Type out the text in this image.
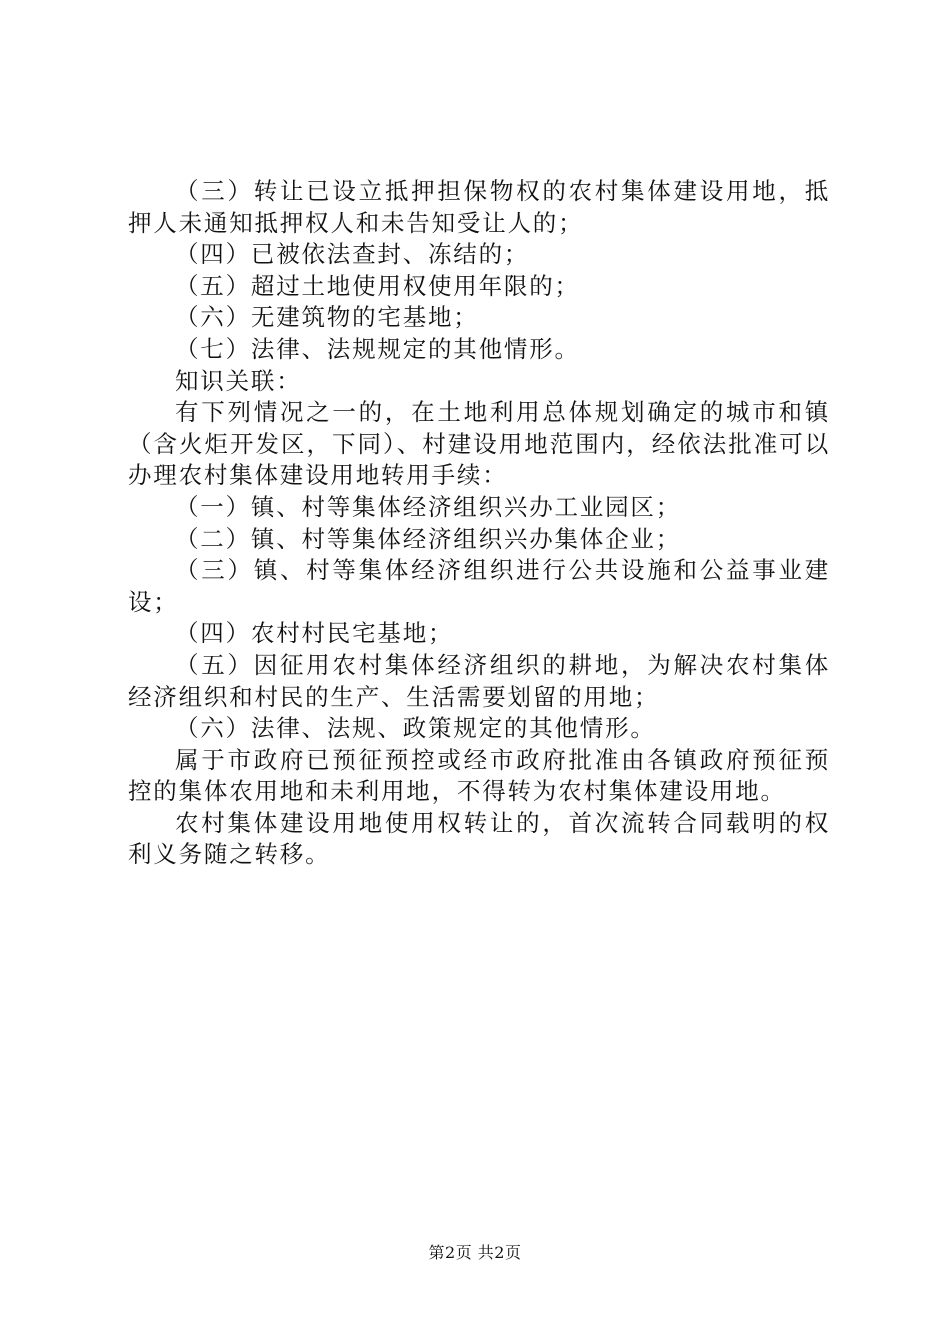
（三）转让已设立抵押担保物权的农村集体建设用地，抵押人未通知抵押权人和未告知受让人的；

（四）已被依法查封、冻结的；

（五）超过土地使用权使用年限的；

（六）无建筑物的宅基地；

（七）法律、法规规定的其他情形。

知识关联：

有下列情况之一的，在土地利用总体规划确定的城市和镇（含火炬开发区，下同）、村建设用地范围内，经依法批准可以办理农村集体建设用地转用手续：

（一）镇、村等集体经济组织兴办工业园区；

（二）镇、村等集体经济组织兴办集体企业；

（三）镇、村等集体经济组织进行公共设施和公益事业建设；

（四）农村村民宅基地；

（五）因征用农村集体经济组织的耕地，为解决农村集体经济组织和村民的生产、生活需要划留的用地；

（六）法律、法规、政策规定的其他情形。

属于市政府已预征预控或经市政府批准由各镇政府预征预控的集体农用地和未利用地，不得转为农村集体建设用地。

农村集体建设用地使用权转让的，首次流转合同载明的权利义务随之转移。

第2页 共2页
